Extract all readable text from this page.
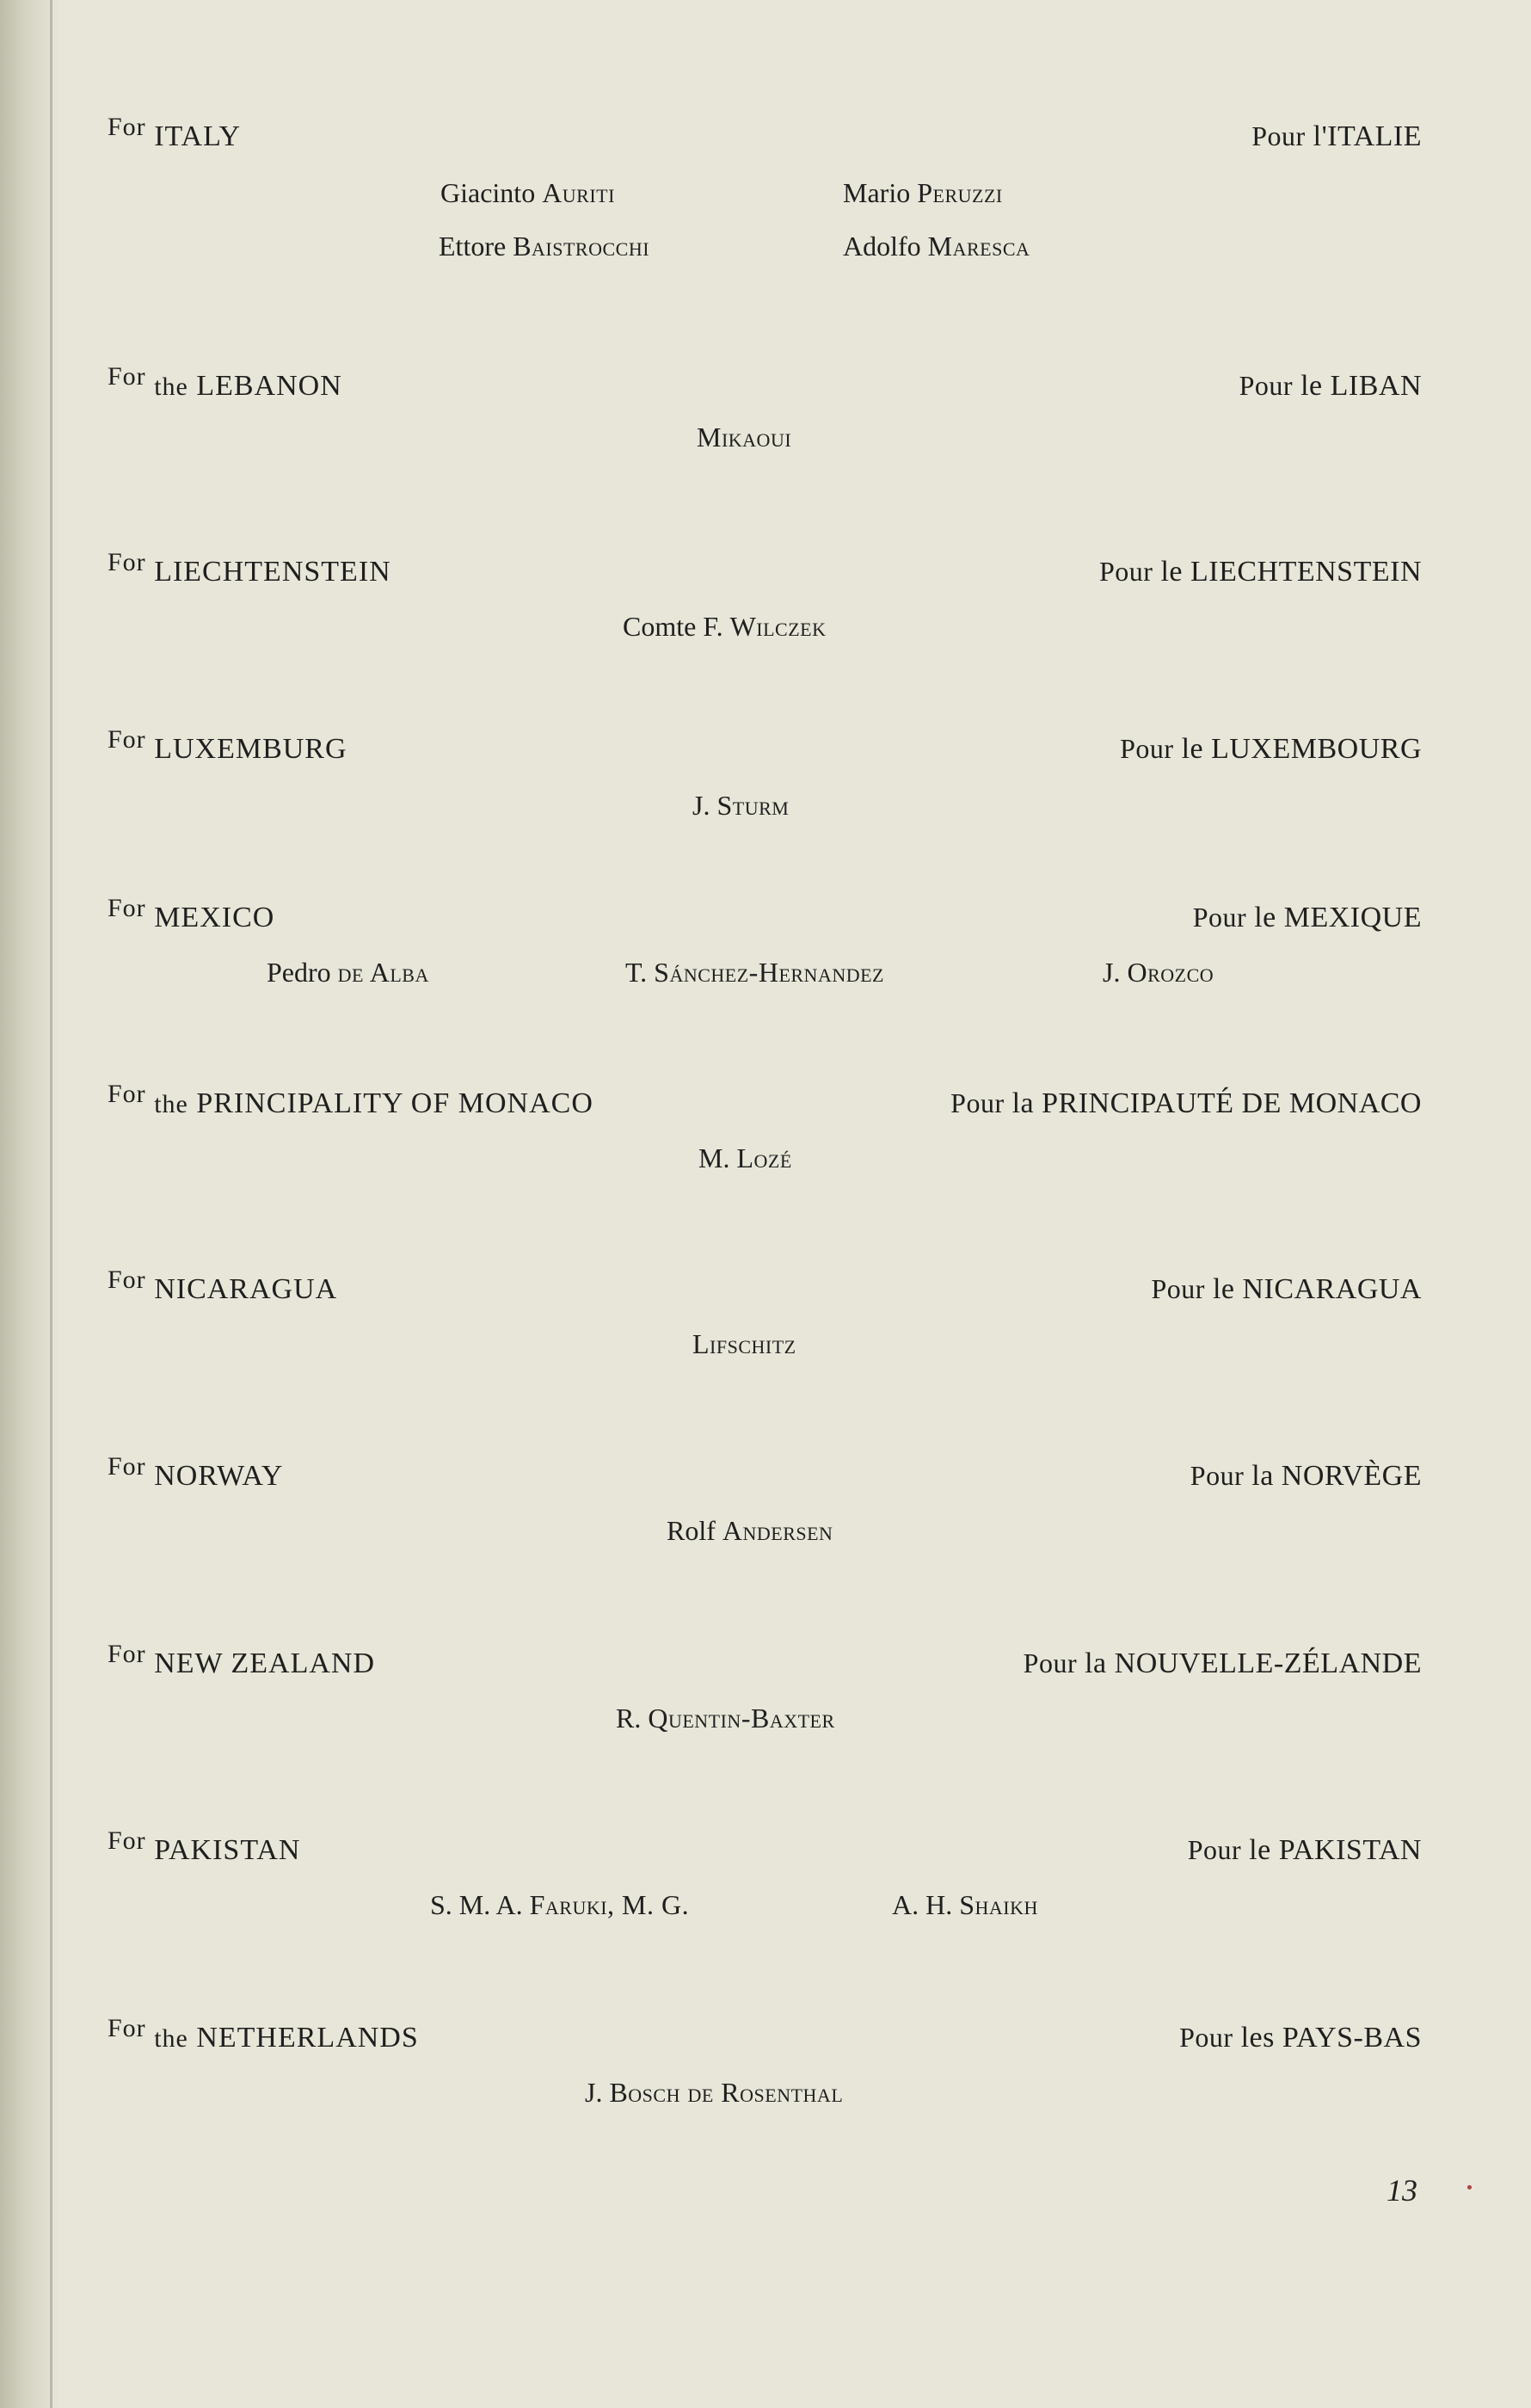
For ITALY	Pour l'ITALIE
Giacinto Auriti	Mario Peruzzi
Ettore Baistrocchi	Adolfo Maresca
For the LEBANON	Pour le LIBAN
Mikaoui
For LIECHTENSTEIN	Pour le LIECHTENSTEIN
Comte F. Wilczek
For LUXEMBURG	Pour le LUXEMBOURG
J. Sturm
For MEXICO	Pour le MEXIQUE
Pedro de Alba	T. Sánchez-Hernandez	J. Orozco
For the PRINCIPALITY OF MONACO	Pour la PRINCIPAUTÉ DE MONACO
M. Lozé
For NICARAGUA	Pour le NICARAGUA
Lifschitz
For NORWAY	Pour la NORVÈGE
Rolf Andersen
For NEW ZEALAND	Pour la NOUVELLE-ZÉLANDE
R. Quentin-Baxter
For PAKISTAN	Pour le PAKISTAN
S. M. A. Faruki, M. G.	A. H. Shaikh
For the NETHERLANDS	Pour les PAYS-BAS
J. Bosch de Rosenthal
13
